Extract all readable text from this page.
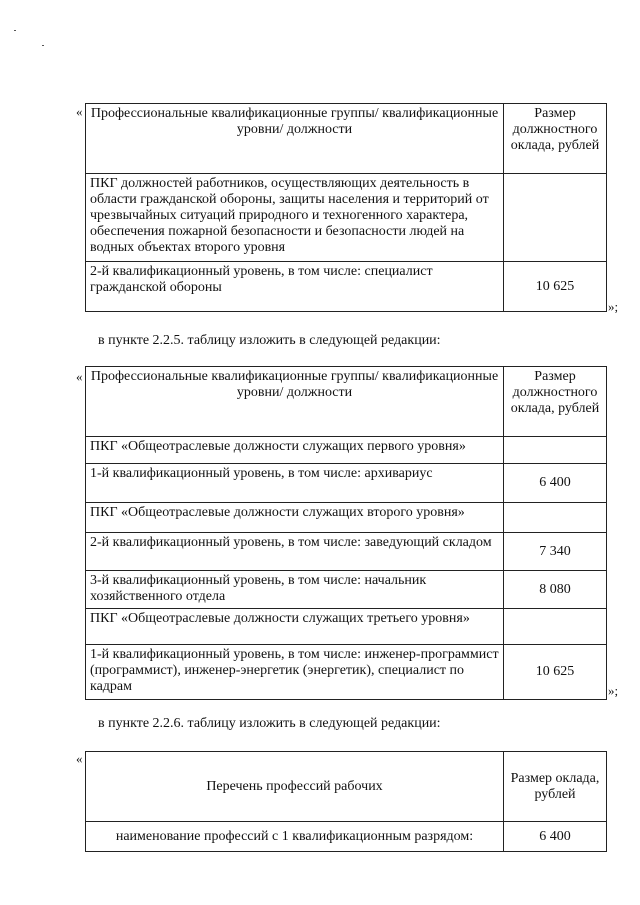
« Профессиональные квалификационные группы/ квалификационные уровни/ должности	Размер должностного оклада, рублей
ПКГ должностей работников, осуществляющих деятельность в области гражданской обороны, защиты населения и территорий от чрезвычайных ситуаций природного и техногенного характера, обеспечения пожарной безопасности и безопасности людей на водных объектах второго уровня	
2-й квалификационный уровень, в том числе: специалист гражданской обороны	10 625
»;
в пункте 2.2.5. таблицу изложить в следующей редакции:
« Профессиональные квалификационные группы/ квалификационные уровни/ должности	Размер должностного оклада, рублей
ПКГ «Общеотраслевые должности служащих первого уровня»	
1-й квалификационный уровень, в том числе: архивариус	6 400
ПКГ «Общеотраслевые должности служащих второго уровня»	
2-й квалификационный уровень, в том числе: заведующий складом	7 340
3-й квалификационный уровень, в том числе: начальник хозяйственного отдела	8 080
ПКГ «Общеотраслевые должности служащих третьего уровня»	
1-й квалификационный уровень, в том числе: инженер-программист (программист), инженер-энергетик (энергетик), специалист по кадрам	10 625
»;
в пункте 2.2.6. таблицу изложить в следующей редакции:
«
Перечень профессий рабочих	Размер оклада, рублей
наименование профессий с 1 квалификационным разрядом:	6 400
